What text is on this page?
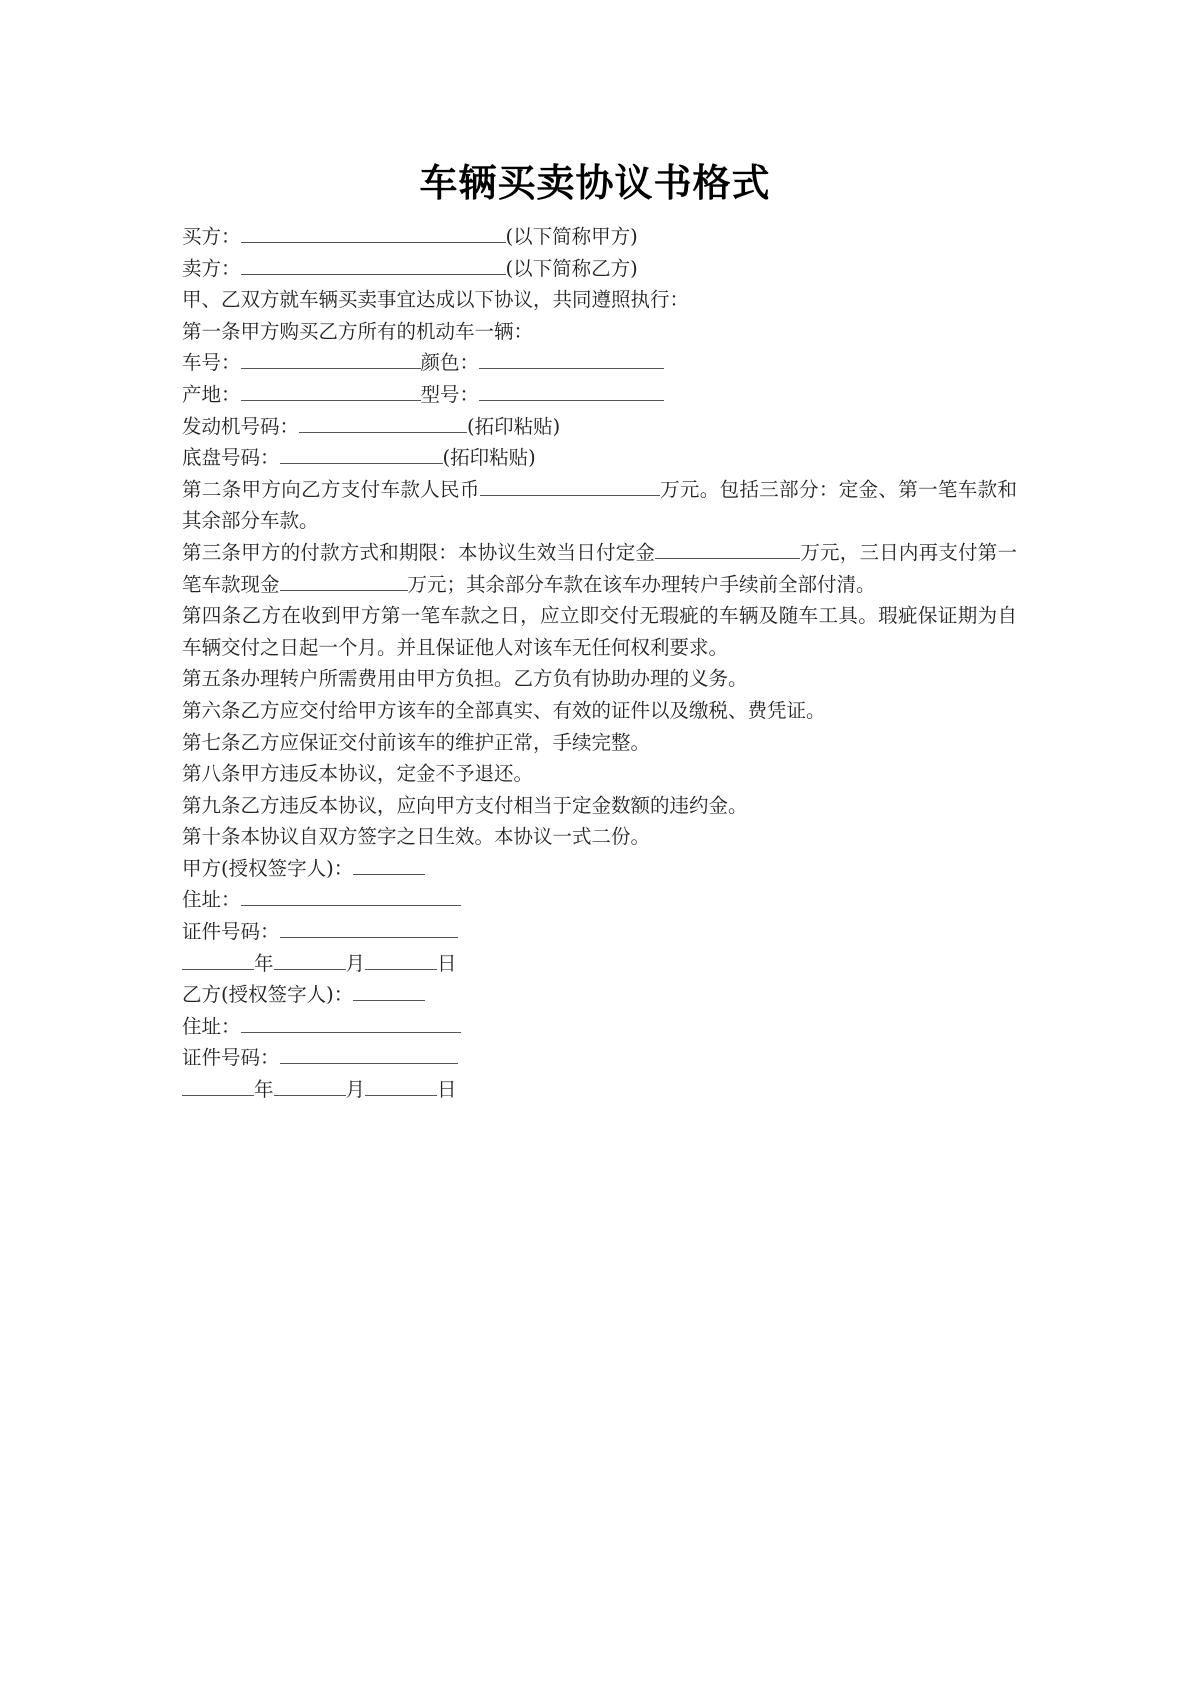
车辆买卖协议书格式
买方：	(以下简称甲方)
卖方：	(以下简称乙方)
甲、乙双方就车辆买卖事宜达成以下协议，共同遵照执行：
第一条甲方购买乙方所有的机动车一辆：
车号：	颜色：
产地：	型号：
发动机号码：	(拓印粘贴)
底盘号码：	(拓印粘贴)
第二条甲方向乙方支付车款人民币	万元。包括三部分：定金、第一笔车款和其余部分车款。
第三条甲方的付款方式和期限：本协议生效当日付定金	万元，三日内再支付第一笔车款现金	万元；其余部分车款在该车办理转户手续前全部付清。
第四条乙方在收到甲方第一笔车款之日，应立即交付无瑕疵的车辆及随车工具。瑕疵保证期为自车辆交付之日起一个月。并且保证他人对该车无任何权利要求。
第五条办理转户所需费用由甲方负担。乙方负有协助办理的义务。
第六条乙方应交付给甲方该车的全部真实、有效的证件以及缴税、费凭证。
第七条乙方应保证交付前该车的维护正常，手续完整。
第八条甲方违反本协议，定金不予退还。
第九条乙方违反本协议，应向甲方支付相当于定金数额的违约金。
第十条本协议自双方签字之日生效。本协议一式二份。
甲方(授权签字人)：
住址：
证件号码：
年	月	日
乙方(授权签字人)：
住址：
证件号码：
年	月	日
